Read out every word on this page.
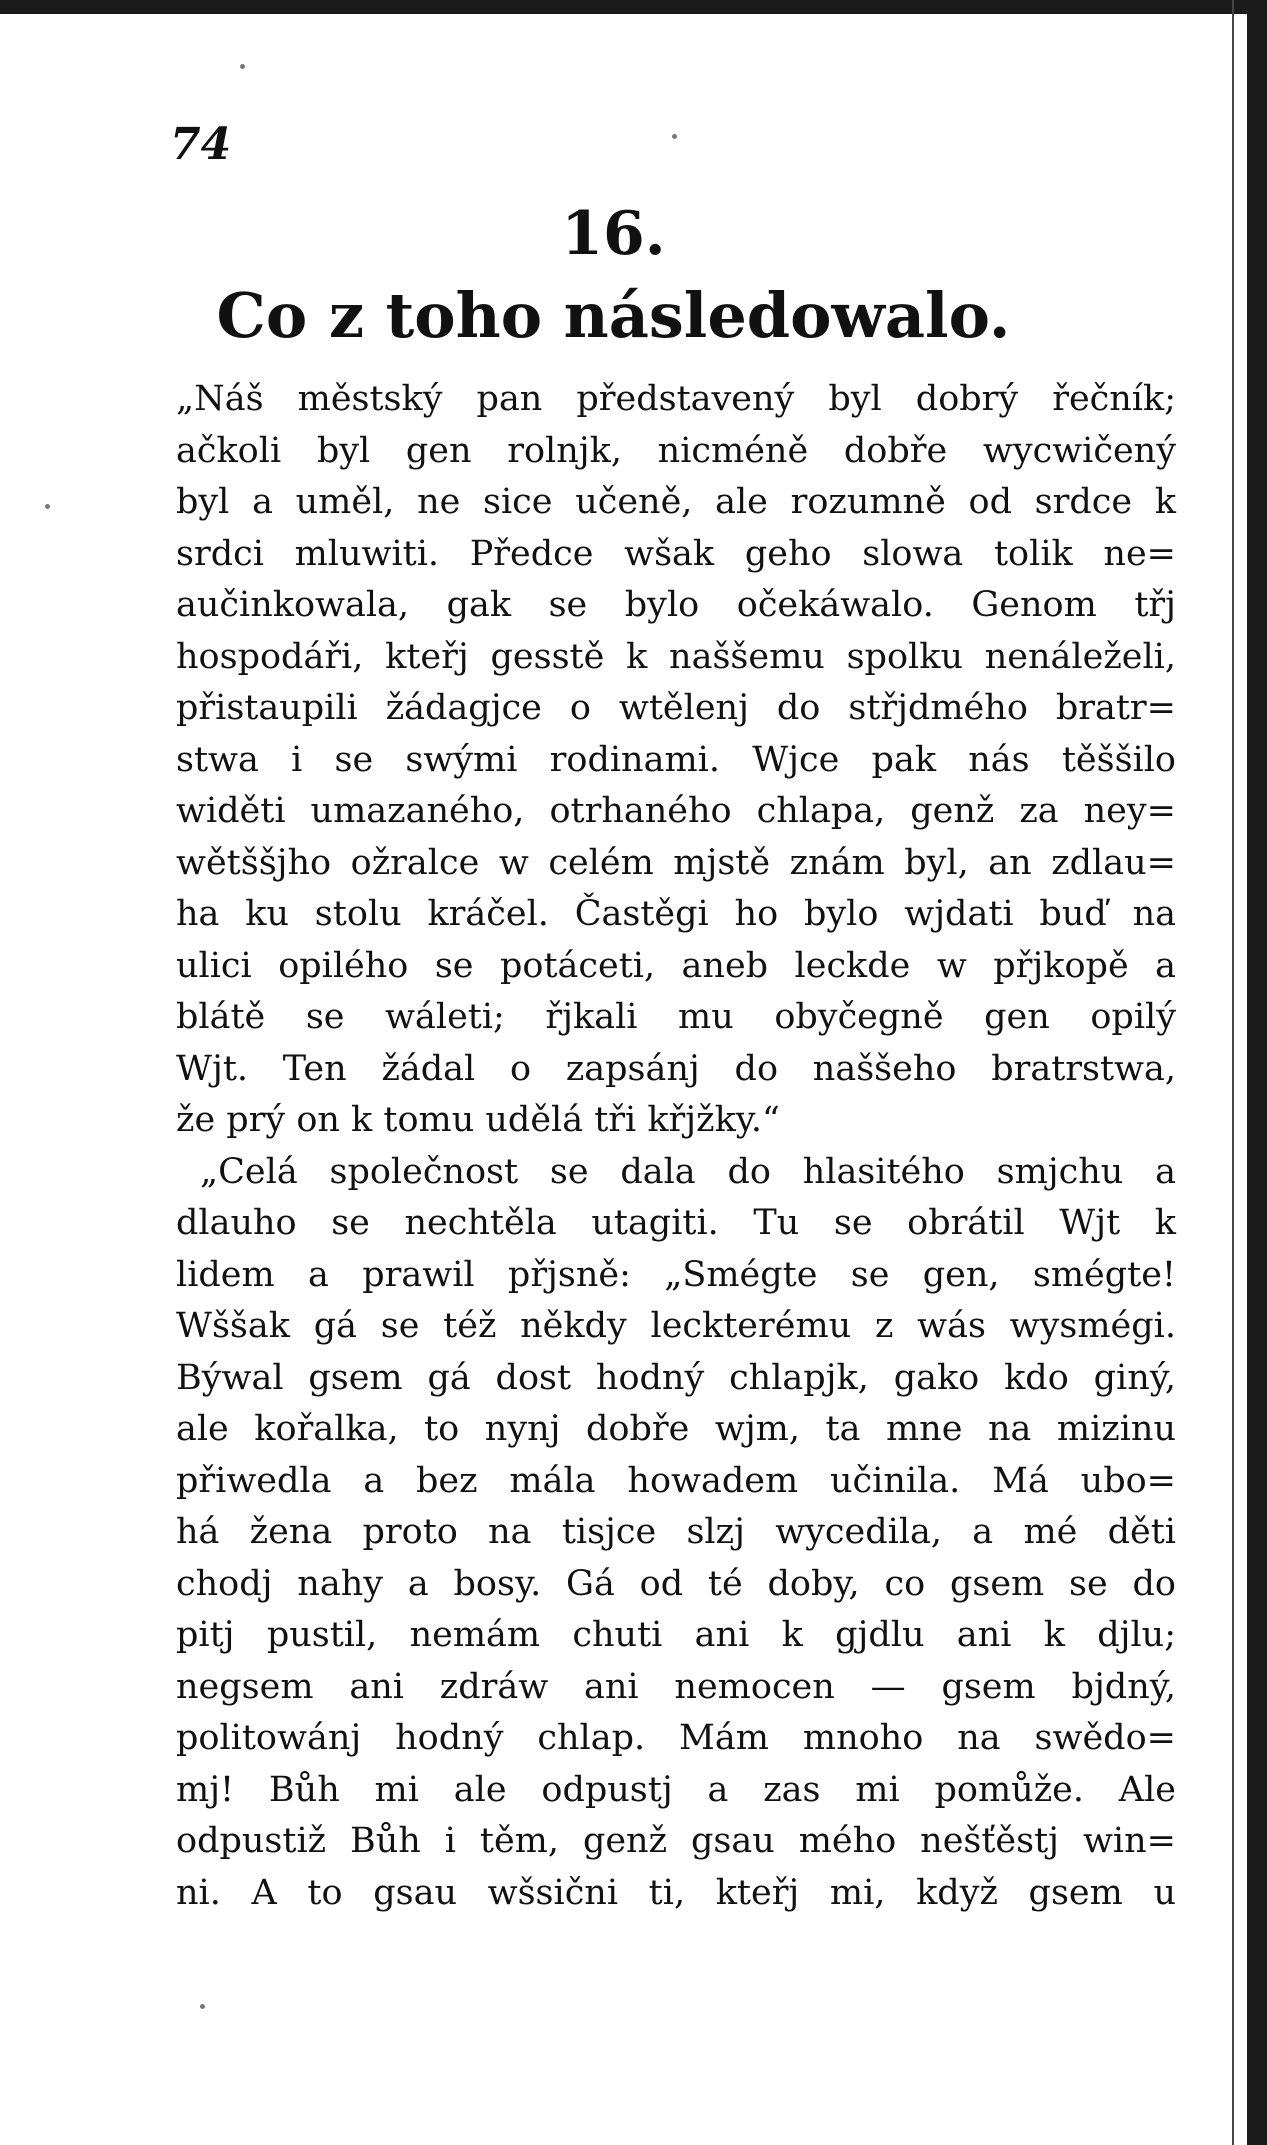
74
16.
Co z toho následowalo.
„Náš městský pan představený byl dobrý řečník;
ačkoli byl gen rolnjk, nicméně dobře wycwičený
byl a uměl, ne sice učeně, ale rozumně od srdce k
srdci mluwiti. Předce wšak geho slowa tolik ne=
aučinkowala, gak se bylo očekáwalo. Genom třj
hospodáři, kteřj gesstě k naššemu spolku nenáleželi,
přistaupili žádagjce o wtělenj do střjdmého bratr=
stwa i se swými rodinami. Wjce pak nás těššilo
widěti umazaného, otrhaného chlapa, genž za ney=
wětššjho ožralce w celém mjstě znám byl, an zdlau=
ha ku stolu kráčel. Častěgi ho bylo wjdati buď na
ulici opilého se potáceti, aneb leckde w přjkopě a
blátě se wáleti; řjkali mu obyčegně gen opilý
Wjt. Ten žádal o zapsánj do naššeho bratrstwa,
že prý on k tomu udělá tři křjžky.“
„Celá společnost se dala do hlasitého smjchu a
dlauho se nechtěla utagiti. Tu se obrátil Wjt k
lidem a prawil přjsně: „Smégte se gen, smégte!
Wššak gá se též někdy leckterému z wás wysmégi.
Býwal gsem gá dost hodný chlapjk, gako kdo giný,
ale kořalka, to nynj dobře wjm, ta mne na mizinu
přiwedla a bez mála howadem učinila. Má ubo=
há žena proto na tisjce slzj wycedila, a mé děti
chodj nahy a bosy. Gá od té doby, co gsem se do
pitj pustil, nemám chuti ani k gjdlu ani k djlu;
negsem ani zdráw ani nemocen — gsem bjdný,
politowánj hodný chlap. Mám mnoho na swědo=
mj! Bůh mi ale odpustj a zas mi pomůže. Ale
odpustiž Bůh i těm, genž gsau mého nešťěstj win=
ni. A to gsau wšsični ti, kteřj mi, když gsem u
